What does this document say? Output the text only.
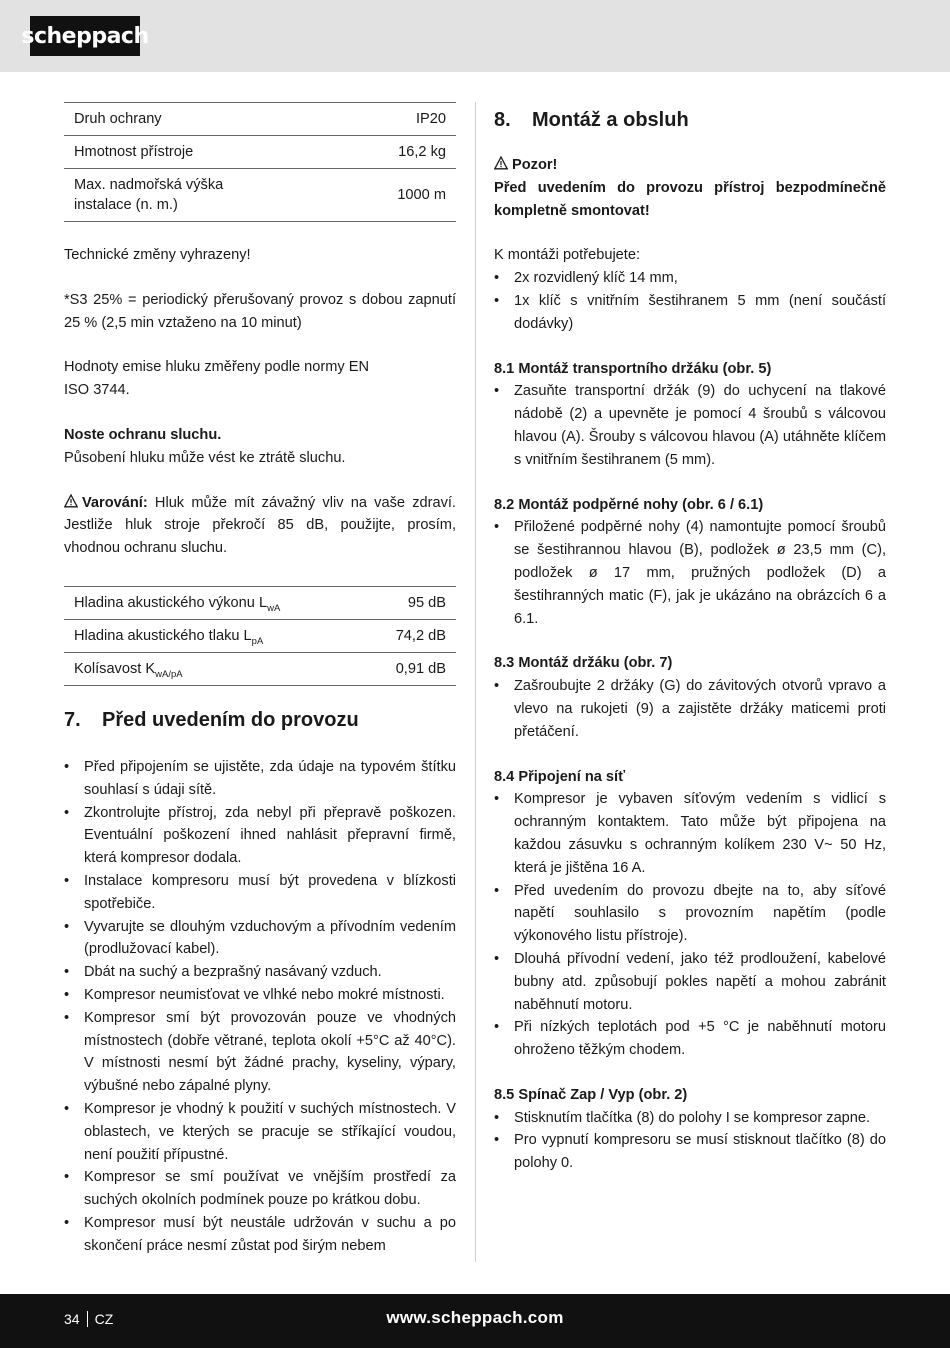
scheppach
Druh ochrany	IP20
Hmotnost přístroje	16,2 kg
Max. nadmořská výška instalace (n. m.)	1000 m

Technické změny vyhrazeny!

*S3 25% = periodický přerušovaný provoz s dobou zapnutí 25 % (2,5 min vztaženo na 10 minut)

Hodnoty emise hluku změřeny podle normy EN ISO 3744.

Noste ochranu sluchu.

Působení hluku může vést ke ztrátě sluchu.

Varování: Hluk může mít závažný vliv na vaše zdraví. Jestliže hluk stroje překročí 85 dB, použijte, prosím, vhodnou ochranu sluchu.

Hladina akustického výkonu $L_{wA}$	95 dB
Hladina akustického tlaku $L_{pA}$	74,2 dB
Kolísavost $K_{wA/pA}$	0,91 dB
7. Před uvedením do provozu
• Před připojením se ujistěte, zda údaje na typovém štítku souhlasí s údaji sítě.
• Zkontrolujte přístroj, zda nebyl při přepravě poškozen. Eventuální poškození ihned nahlásit přepravní firmě, která kompresor dodala.
• Instalace kompresoru musí být provedena v blízkosti spotřebiče.
• Vyvarujte se dlouhým vzduchovým a přívodním vedením (prodlužovací kabel).
• Dbát na suchý a bezprašný nasávaný vzduch.
• Kompresor neumisťovat ve vlhké nebo mokré místnosti.
• Kompresor smí být provozován pouze ve vhodných místnostech (dobře větrané, teplota okolí +5°C až 40°C). V místnosti nesmí být žádné prachy, kyseliny, výpary, výbušné nebo zápalné plyny.
• Kompresor je vhodný k použití v suchých místnostech. V oblastech, ve kterých se pracuje se stříkající voudou, není použití přípustné.
• Kompresor se smí používat ve vnějším prostředí za suchých okolních podmínek pouze po krátkou dobu.
• Kompresor musí být neustále udržován v suchu a po skončení práce nesmí zůstat pod širým nebem
8. Montáž a obsluh

Pozor!

Před uvedením do provozu přístroj bezpodmínečně kompletně smontovat!

K montáži potřebujete:

• 2x rozvidlený klíč 14 mm,
• 1x klíč s vnitřním šestihranem 5 mm (není součástí dodávky)

8.1 Montáž transportního držáku (obr. 5)

• Zasuňte transportní držák (9) do uchycení na tlakové nádobě (2) a upevněte je pomocí 4 šroubů s válcovou hlavou (A). Šrouby s válcovou hlavou (A) utáhněte klíčem s vnitřním šestihranem (5 mm).

8.2 Montáž podpěrné nohy (obr. 6 / 6.1)

• Přiložené podpěrné nohy (4) namontujte pomocí šroubů se šestihrannou hlavou (B), podložek ø 23,5 mm (C), podložek ø 17 mm, pružných podložek (D) a šestihranných matic (F), jak je ukázáno na obrázcích 6 a 6.1.

8.3 Montáž držáku (obr. 7)

• Zašroubujte 2 držáky (G) do závitových otvorů vpravo a vlevo na rukojeti (9) a zajistěte držáky maticemi proti přetáčení.

8.4 Připojení na síť

• Kompresor je vybaven síťovým vedením s vidlicí s ochranným kontaktem. Tato může být připojena na každou zásuvku s ochranným kolíkem 230 V~ 50 Hz, která je jištěna 16 A.
• Před uvedením do provozu dbejte na to, aby síťové napětí souhlasilo s provozním napětím (podle výkonového listu přístroje).
• Dlouhá přívodní vedení, jako též prodloužení, kabelové bubny atd. způsobují pokles napětí a mohou zabránit naběhnutí motoru.
• Při nízkých teplotách pod +5 °C je naběhnutí motoru ohroženo těžkým chodem.

8.5 Spínač Zap / Vyp (obr. 2)

• Stisknutím tlačítka (8) do polohy I se kompresor zapne.
• Pro vypnutí kompresoru se musí stisknout tlačítko (8) do polohy 0.
34 CZ	www.scheppach.com
